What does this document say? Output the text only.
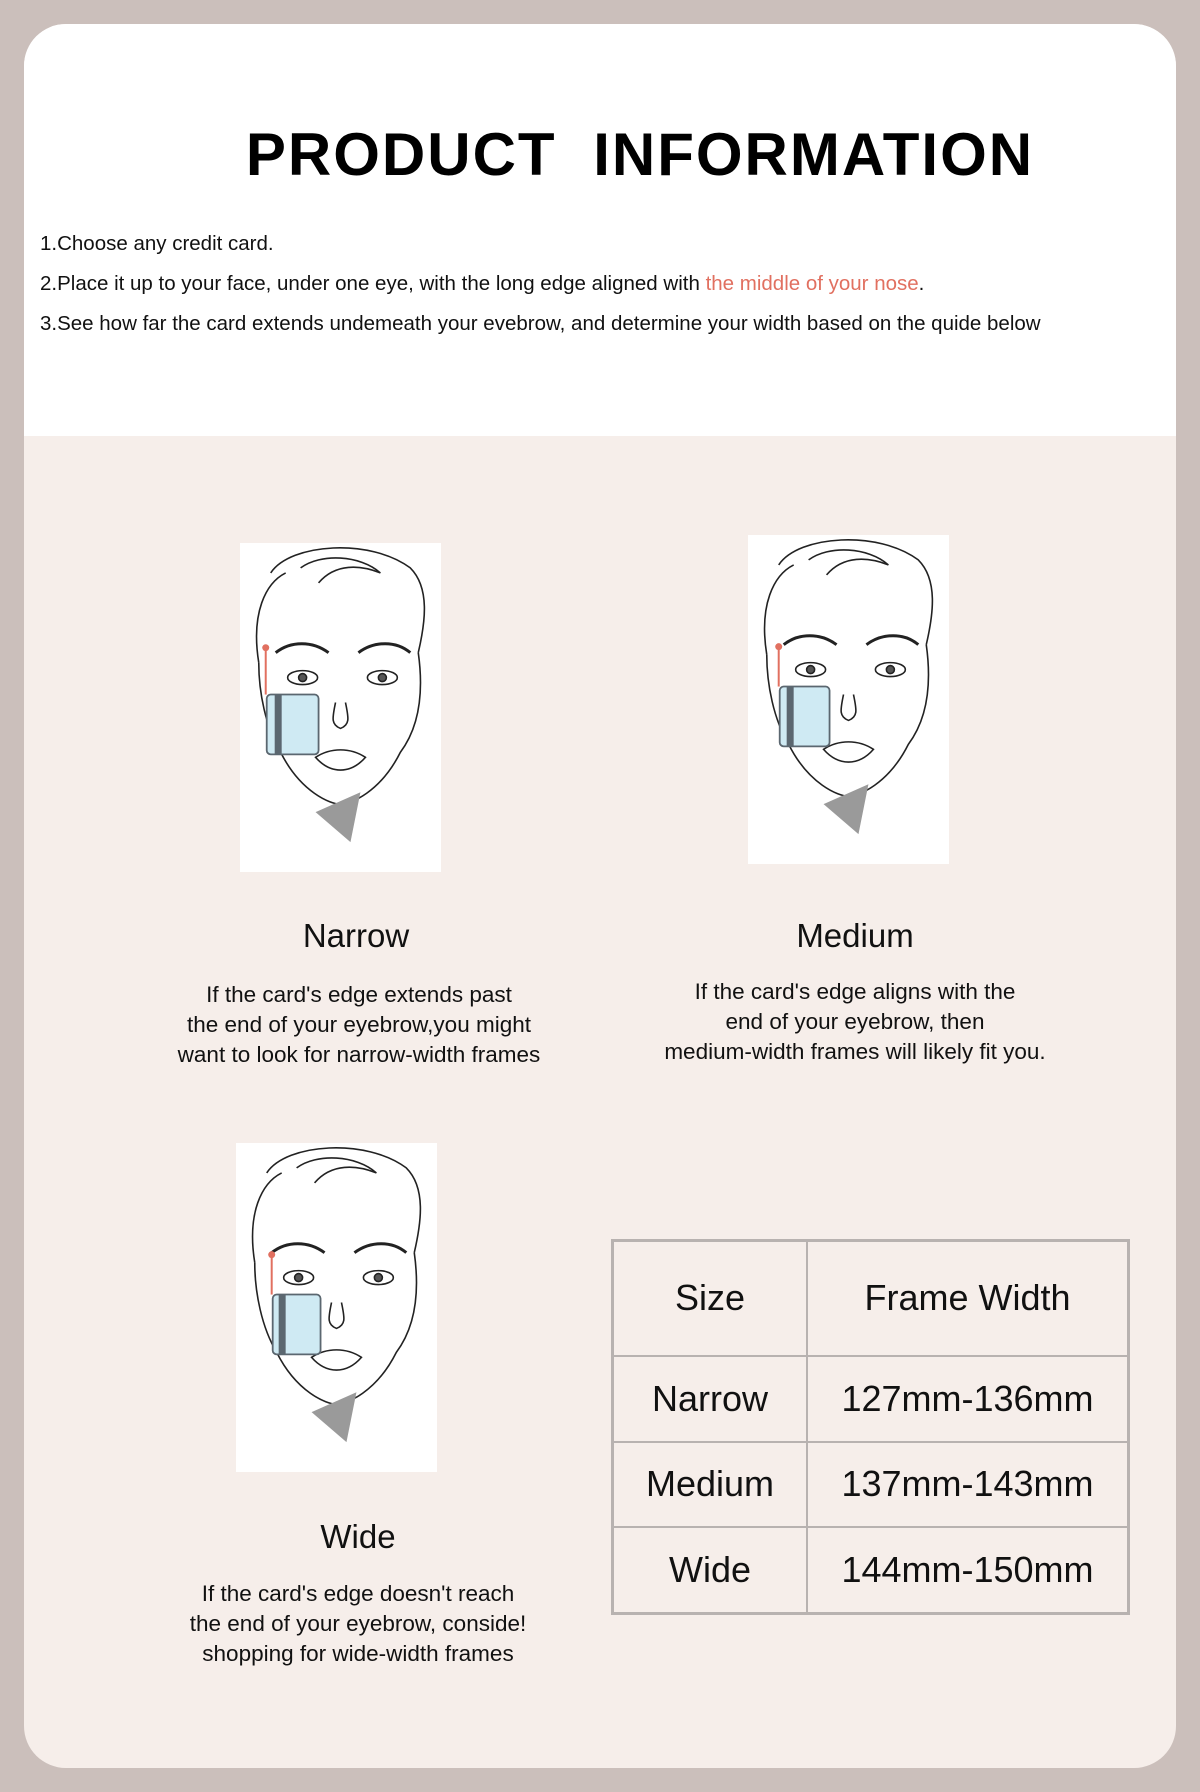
PRODUCT INFORMATION
1.Choose any credit card.
2.Place it up to your face, under one eye, with the long edge aligned with the middle of your nose.
3.See how far the card extends undemeath your evebrow, and determine your width based on the quide below
Narrow
If the card's edge extends past
the end of your eyebrow,you might
want to look for narrow-width frames
Medium
If the card's edge aligns with the
end of your eyebrow, then
medium-width frames will likely fit you.
Wide
If the card's edge doesn't reach
the end of your eyebrow, conside!
shopping for wide-width frames
Size	Frame Width
Narrow	127mm-136mm
Medium	137mm-143mm
Wide	144mm-150mm
